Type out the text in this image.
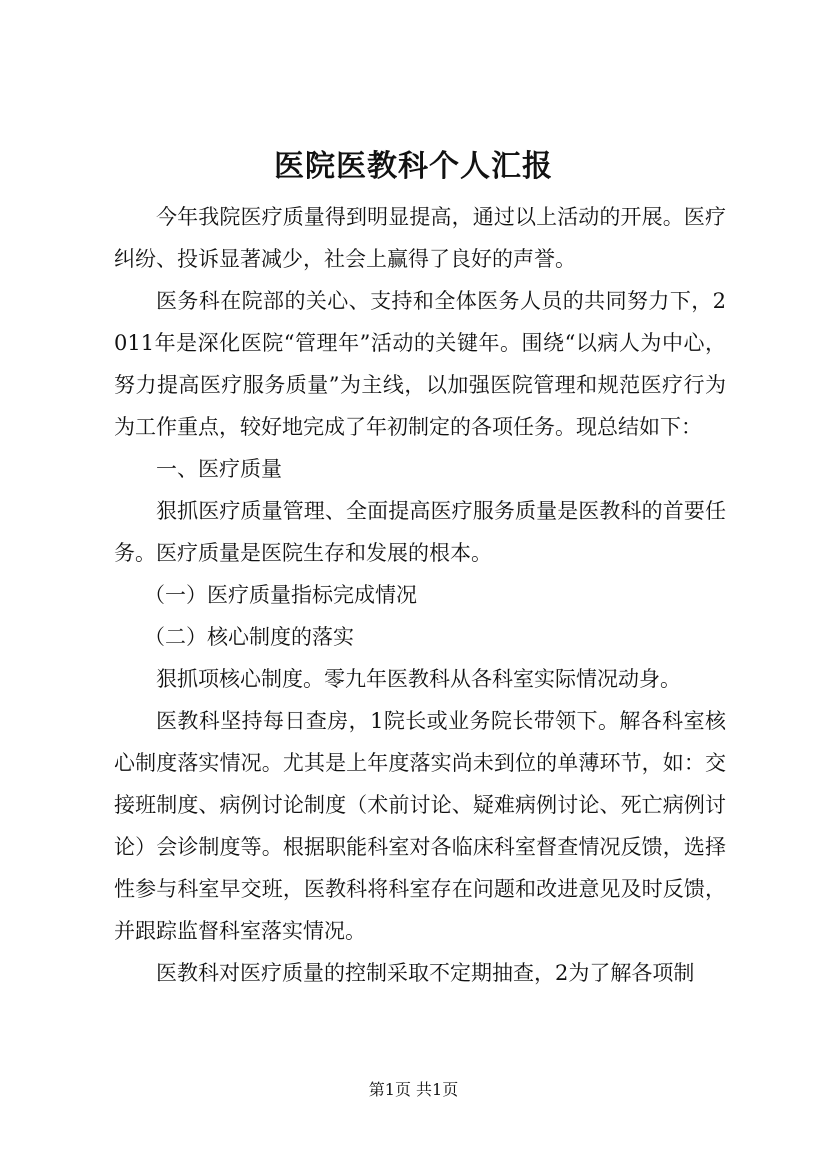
医院医教科个人汇报

今年我院医疗质量得到明显提高，通过以上活动的开展。医疗纠纷、投诉显著减少，社会上赢得了良好的声誉。

医务科在院部的关心、支持和全体医务人员的共同努力下，2011年是深化医院“管理年”活动的关键年。围绕“以病人为中心，努力提高医疗服务质量”为主线，以加强医院管理和规范医疗行为为工作重点，较好地完成了年初制定的各项任务。现总结如下：

一、医疗质量

狠抓医疗质量管理、全面提高医疗服务质量是医教科的首要任务。医疗质量是医院生存和发展的根本。

（一）医疗质量指标完成情况

（二）核心制度的落实

狠抓项核心制度。零九年医教科从各科室实际情况动身。

医教科坚持每日查房，1院长或业务院长带领下。解各科室核心制度落实情况。尤其是上年度落实尚未到位的单薄环节，如：交接班制度、病例讨论制度（术前讨论、疑难病例讨论、死亡病例讨论）会诊制度等。根据职能科室对各临床科室督查情况反馈，选择性参与科室早交班，医教科将科室存在问题和改进意见及时反馈，并跟踪监督科室落实情况。

医教科对医疗质量的控制采取不定期抽查，2为了解各项制

第1页 共1页
